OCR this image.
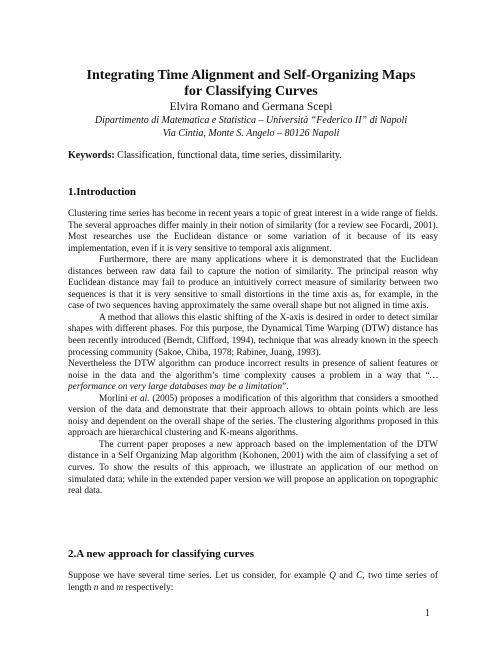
Integrating Time Alignment and Self-Organizing Maps
for Classifying Curves
Elvira Romano and Germana Scepi
Dipartimento di Matematica e Statistica – Università “Federico II” di Napoli
Via Cintia, Monte S. Angelo – 80126 Napoli
Keywords: Classification, functional data, time series, dissimilarity.
1.Introduction

Clustering time series has become in recent years a topic of great interest in a wide range of fields. The several approaches differ mainly in their notion of similarity (for a review see Focardi, 2001). Most researches use the Euclidean distance or some variation of it because of its easy implementation, even if it is very sensitive to temporal axis alignment.

Furthermore, there are many applications where it is demonstrated that the Euclidean distances between raw data fail to capture the notion of similarity. The principal reason why Euclidean distance may fail to produce an intuitively correct measure of similarity between two sequences is that it is very sensitive to small distortions in the time axis as, for example, in the case of two sequences having approximately the same overall shape but not aligned in time axis.

A method that allows this elastic shifting of the X-axis is desired in order to detect similar shapes with different phases. For this purpose, the Dynamical Time Warping (DTW) distance has been recently introduced (Berndt, Clifford, 1994), technique that was already known in the speech processing community (Sakoe, Chiba, 1978; Rabiner, Juang, 1993).

Nevertheless the DTW algorithm can produce incorrect results in presence of salient features or noise in the data and the algorithm’s time complexity causes a problem in a way that “…performance on very large databases may be a limitation”.

Morlini et al. (2005) proposes a modification of this algorithm that considers a smoothed version of the data and demonstrate that their approach allows to obtain points which are less noisy and dependent on the overall shape of the series. The clustering algorithms proposed in this approach are hierarchical clustering and K-means algorithms.

The current paper proposes a new approach based on the implementation of the DTW distance in a Self Organizing Map algorithm (Kohonen, 2001) with the aim of classifying a set of curves. To show the results of this approach, we illustrate an application of our method on simulated data; while in the extended paper version we will propose an application on topographic real data.

2.A new approach for classifying curves

Suppose we have several time series. Let us consider, for example Q and C, two time series of length n and m respectively:

1
